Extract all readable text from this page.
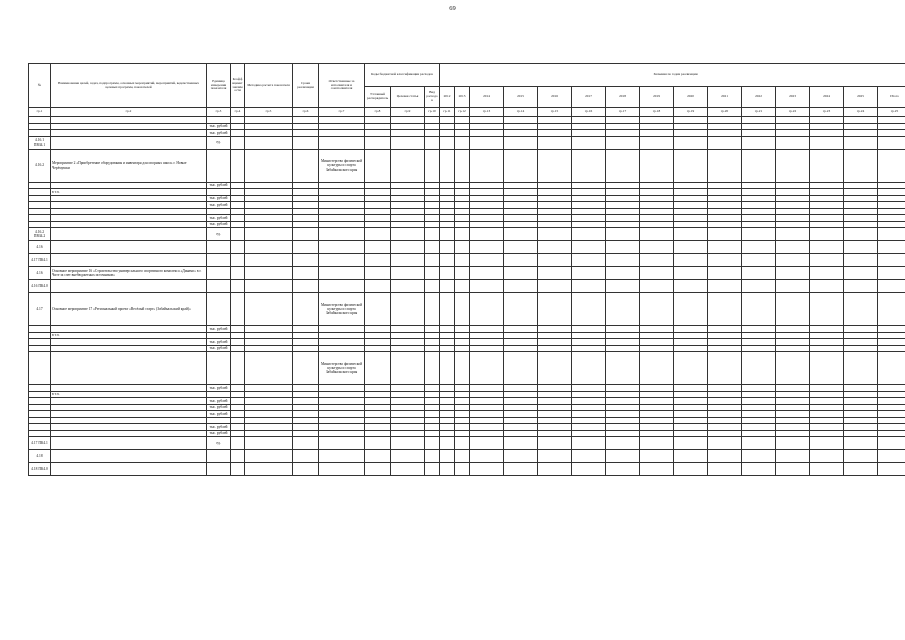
69
№	Наименование целей, задач, подпрограмм, основных мероприятий, мероприятий, ведомственных целевых программ, показателей	Единица измерения показателя	Коэффициент значимости	Методика расчета показателя	Сроки реализации	Ответственные за исполнителя и соисполнителя	Коды бюджетной классификации расходов			Значения по годам реализации														
							Т\главный распорядитель	Целевая статья	Вид расходов	2012	2013	2014	2015	2016	2017	2018	2019	2020	2021	2022	2023	2024	2025	Итого
гр.1	гр.2	гр.3	гр.4	гр.5	гр.6	гр.7	гр.8	гр.9	гр.10	гр.11	гр.12	гр.13	гр.14	гр.15	гр.16	гр.17	гр.18	гр.19	гр.20	гр.21	гр.22	гр.23	гр.24	гр.25

		тыс. рублей																						
		тыс. рублей																						
4.16.1 ПВЗ4.1		ед.																						
4.16.2	Мероприятие 2 «Приобретение оборудования и инвентаря для опорных школ» г. Новые Черёмушки					Министерство физической культуры и спорта Забайкальского края																		
		тыс. рублей																						
	в т.ч.																							
		тыс. рублей																						
		тыс. рублей																						

		тыс. рублей																						
		тыс. рублей																						
4.16.2 ПВЗ4.2		ед.																						
4.16																								
4.17 ПК4.1																								
4.16	Основное мероприятие 16 «Строительство универсального спортивного комплекса «Динамо» в г. Чите за счет внебюджетных источников»																							
4.16 ПК4.0																								
4.17	Основное мероприятие 17 «Региональный проект «Весёлый старт» (Забайкальский край)»					Министерство физической культуры и спорта Забайкальского края																		
		тыс. рублей																						
	в т.ч.																							
		тыс. рублей																						
		тыс. рублей																						
						Министерство физической культуры и спорта Забайкальского края																		
		тыс. рублей																						
	в т.ч.																							
		тыс. рублей																						
		тыс. рублей																						
		тыс. рублей																						

		тыс. рублей																						
		тыс. рублей																						
4.17 ПК4.1		ед.																						
4.18																								
4.18 ПК4.0																								
